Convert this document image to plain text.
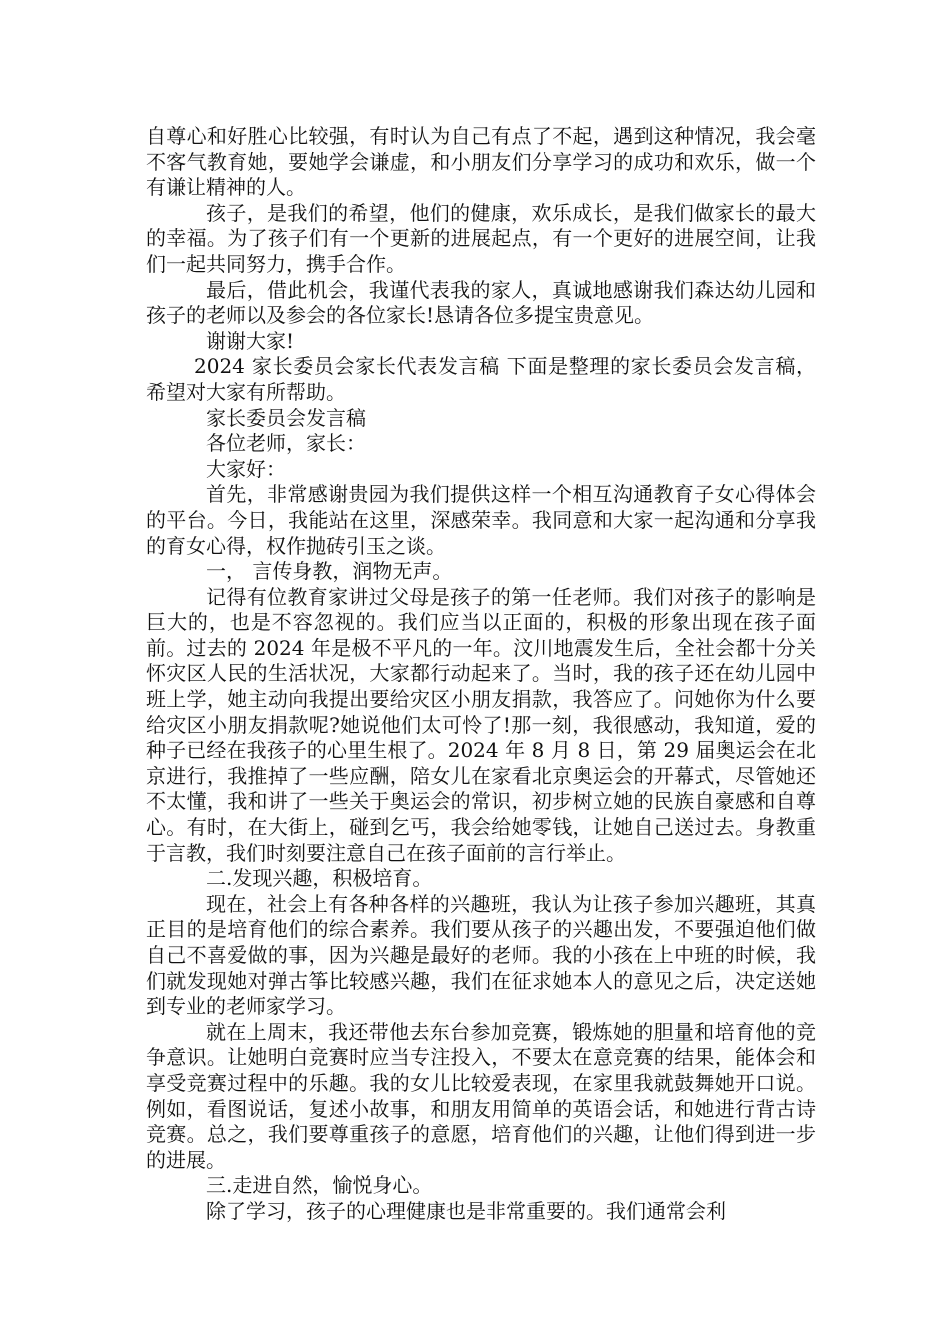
自尊心和好胜心比较强，有时认为自己有点了不起，遇到这种情况，我会毫不客气教育她，要她学会谦虚，和小朋友们分享学习的成功和欢乐，做一个有谦让精神的人。

孩子，是我们的希望，他们的健康，欢乐成长，是我们做家长的最大的幸福。为了孩子们有一个更新的进展起点，有一个更好的进展空间，让我们一起共同努力，携手合作。

最后，借此机会，我谨代表我的家人，真诚地感谢我们森达幼儿园和孩子的老师以及参会的各位家长!恳请各位多提宝贵意见。

谢谢大家!

2024 家长委员会家长代表发言稿 下面是整理的家长委员会发言稿，希望对大家有所帮助。

家长委员会发言稿

各位老师，家长：

大家好：

首先，非常感谢贵园为我们提供这样一个相互沟通教育子女心得体会的平台。今日，我能站在这里，深感荣幸。我同意和大家一起沟通和分享我的育女心得，权作抛砖引玉之谈。

一， 言传身教，润物无声。

记得有位教育家讲过父母是孩子的第一任老师。我们对孩子的影响是巨大的，也是不容忽视的。我们应当以正面的，积极的形象出现在孩子面前。过去的 2024 年是极不平凡的一年。汶川地震发生后，全社会都十分关怀灾区人民的生活状况，大家都行动起来了。当时，我的孩子还在幼儿园中班上学，她主动向我提出要给灾区小朋友捐款，我答应了。问她你为什么要给灾区小朋友捐款呢?她说他们太可怜了!那一刻，我很感动，我知道，爱的种子已经在我孩子的心里生根了。2024 年 8 月 8 日，第 29 届奥运会在北京进行，我推掉了一些应酬，陪女儿在家看北京奥运会的开幕式，尽管她还不太懂，我和讲了一些关于奥运会的常识，初步树立她的民族自豪感和自尊心。有时，在大街上，碰到乞丐，我会给她零钱，让她自己送过去。身教重于言教，我们时刻要注意自己在孩子面前的言行举止。

二.发现兴趣，积极培育。

现在，社会上有各种各样的兴趣班，我认为让孩子参加兴趣班，其真正目的是培育他们的综合素养。我们要从孩子的兴趣出发，不要强迫他们做自己不喜爱做的事，因为兴趣是最好的老师。我的小孩在上中班的时候，我们就发现她对弹古筝比较感兴趣，我们在征求她本人的意见之后，决定送她到专业的老师家学习。

就在上周末，我还带他去东台参加竞赛，锻炼她的胆量和培育他的竞争意识。让她明白竞赛时应当专注投入，不要太在意竞赛的结果，能体会和享受竞赛过程中的乐趣。我的女儿比较爱表现，在家里我就鼓舞她开口说。例如，看图说话，复述小故事，和朋友用简单的英语会话，和她进行背古诗竞赛。总之，我们要尊重孩子的意愿，培育他们的兴趣，让他们得到进一步的进展。

三.走进自然，愉悦身心。

除了学习，孩子的心理健康也是非常重要的。我们通常会利
